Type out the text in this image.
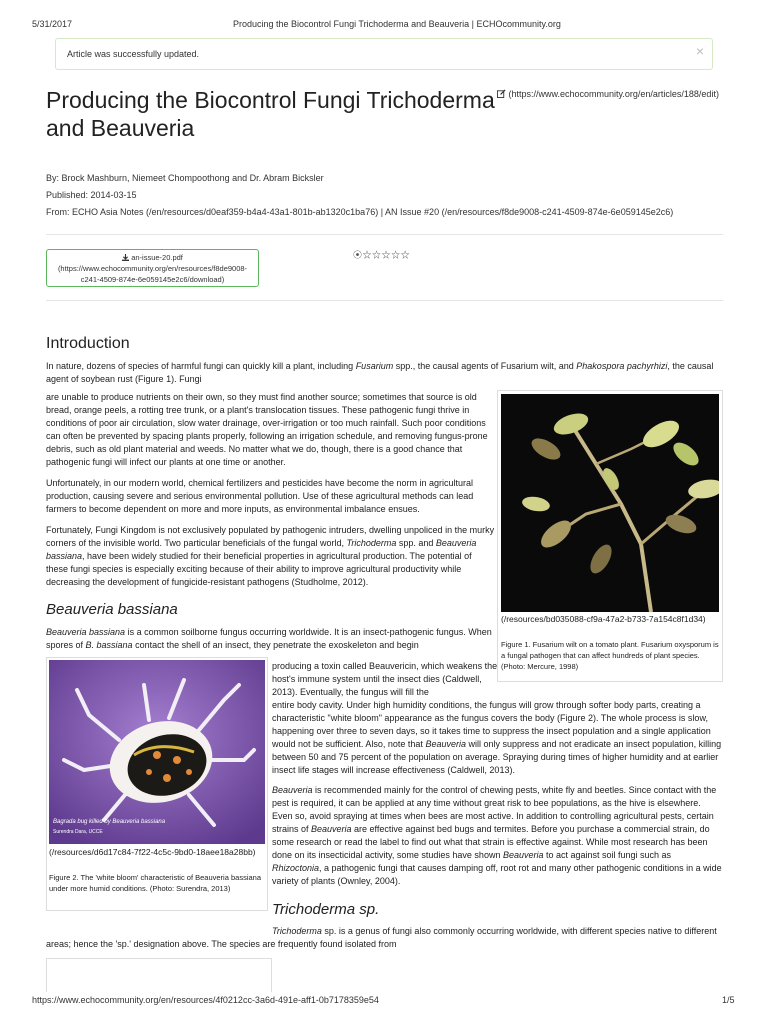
5/31/2017	Producing the Biocontrol Fungi Trichoderma and Beauveria | ECHOcommunity.org
Article was successfully updated.	×
Producing the Biocontrol Fungi Trichoderma and Beauveria
(https://www.echocommunity.org/en/articles/188/edit)
By: Brock Mashburn, Niemeet Chompoothong and Dr. Abram Bicksler
Published: 2014-03-15
From: ECHO Asia Notes (/en/resources/d0eaf359-b4a4-43a1-801b-ab1320c1ba76) | AN Issue #20 (/en/resources/f8de9008-c241-4509-874e-6e059145e2c6)
an-issue-20.pdf
(https://www.echocommunity.org/en/resources/f8de9008-
c241-4509-874e-6e059145e2c6/download)
⦿☆☆☆☆☆
Introduction
In nature, dozens of species of harmful fungi can quickly kill a plant, including Fusarium spp., the causal agents of Fusarium wilt, and Phakospora pachyrhizi, the causal agent of soybean rust (Figure 1). Fungi
are unable to produce nutrients on their own, so they must find another source; sometimes that source is old bread, orange peels, a rotting tree trunk, or a plant's translocation tissues. These pathogenic fungi thrive in conditions of poor air circulation, slow water drainage, over-irrigation or too much rainfall. Such poor conditions can often be prevented by spacing plants properly, following an irrigation schedule, and removing fungus-prone debris, such as old plant material and weeds. No matter what we do, though, there is a good chance that pathogenic fungi will infect our plants at one time or another.
Unfortunately, in our modern world, chemical fertilizers and pesticides have become the norm in agricultural production, causing severe and serious environmental pollution. Use of these agricultural methods can lead farmers to become dependent on more and more inputs, as environmental imbalance ensues.
Fortunately, Fungi Kingdom is not exclusively populated by pathogenic intruders, dwelling unpoliced in the murky corners of the invisible world. Two particular beneficials of the fungal world, Trichoderma spp. and Beauveria bassiana, have been widely studied for their beneficial properties in agricultural production. The potential of these fungi species is especially exciting because of their ability to improve agricultural productivity while decreasing the development of fungicide-resistant pathogens (Studholme, 2012).
(/resources/bd035088-cf9a-47a2-b733-7a154c8f1d34)
Figure 1. Fusarium wilt on a tomato plant. Fusarium oxysporum is a fungal pathogen that can affect hundreds of plant species. (Photo: Mercure, 1998)
Beauveria bassiana
Beauveria bassiana is a common soilborne fungus occurring worldwide. It is an insect-pathogenic fungus. When spores of B. bassiana contact the shell of an insect, they penetrate the exoskeleton and begin
Bagrada bug killed by Beauveria bassiana
Surendra Dara, UCCE
(/resources/d6d17c84-7f22-4c5c-9bd0-18aee18a28bb)
Figure 2. The 'white bloom' characteristic of Beauveria bassiana under more humid conditions. (Photo: Surendra, 2013)
producing a toxin called Beauvericin, which weakens the host's immune system until the insect dies (Caldwell, 2013). Eventually, the fungus will fill the
entire body cavity. Under high humidity conditions, the fungus will grow through softer body parts, creating a characteristic "white bloom" appearance as the fungus covers the body (Figure 2). The whole process is slow, happening over three to seven days, so it takes time to suppress the insect population and a single application would not be sufficient. Also, note that Beauveria will only suppress and not eradicate an insect population, killing between 50 and 75 percent of the population on average. Spraying during times of higher humidity and at earlier insect life stages will increase effectiveness (Caldwell, 2013).
Beauveria is recommended mainly for the control of chewing pests, white fly and beetles. Since contact with the pest is required, it can be applied at any time without great risk to bee populations, as the hive is elsewhere. Even so, avoid spraying at times when bees are most active. In addition to controlling agricultural pests, certain strains of Beauveria are effective against bed bugs and termites. Before you purchase a commercial strain, do some research or read the label to find out what that strain is effective against. While most research has been done on its insecticidal activity, some studies have shown Beauveria to act against soil fungi such as Rhizoctonia, a pathogenic fungi that causes damping off, root rot and many other pathogenic conditions in a wide variety of plants (Ownley, 2004).
Trichoderma sp.
Trichoderma sp. is a genus of fungi also commonly occurring worldwide, with different species native to different
https://www.echocommunity.org/en/resources/4f0212cc-3a6d-491e-aff1-0b7178359e54	1/5
areas; hence the 'sp.' designation above. The species are frequently found isolated from
